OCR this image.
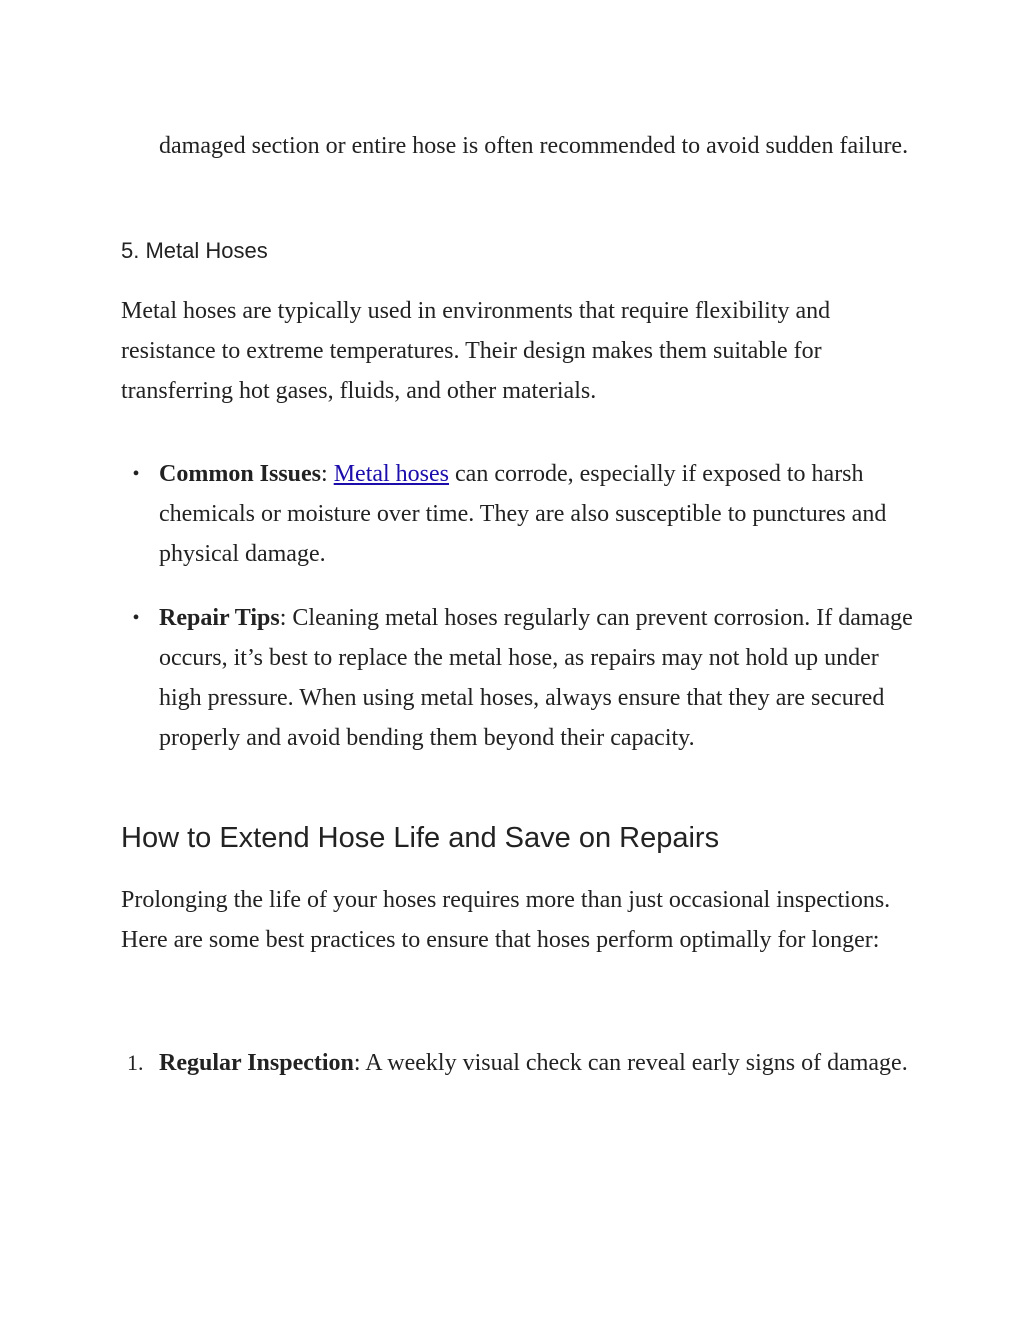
damaged section or entire hose is often recommended to avoid sudden failure.

5. Metal Hoses

Metal hoses are typically used in environments that require flexibility and resistance to extreme temperatures. Their design makes them suitable for transferring hot gases, fluids, and other materials.

• Common Issues: Metal hoses can corrode, especially if exposed to harsh chemicals or moisture over time. They are also susceptible to punctures and physical damage.
• Repair Tips: Cleaning metal hoses regularly can prevent corrosion. If damage occurs, it’s best to replace the metal hose, as repairs may not hold up under high pressure. When using metal hoses, always ensure that they are secured properly and avoid bending them beyond their capacity.
How to Extend Hose Life and Save on Repairs

Prolonging the life of your hoses requires more than just occasional inspections. Here are some best practices to ensure that hoses perform optimally for longer:

1. Regular Inspection: A weekly visual check can reveal early signs of damage.
